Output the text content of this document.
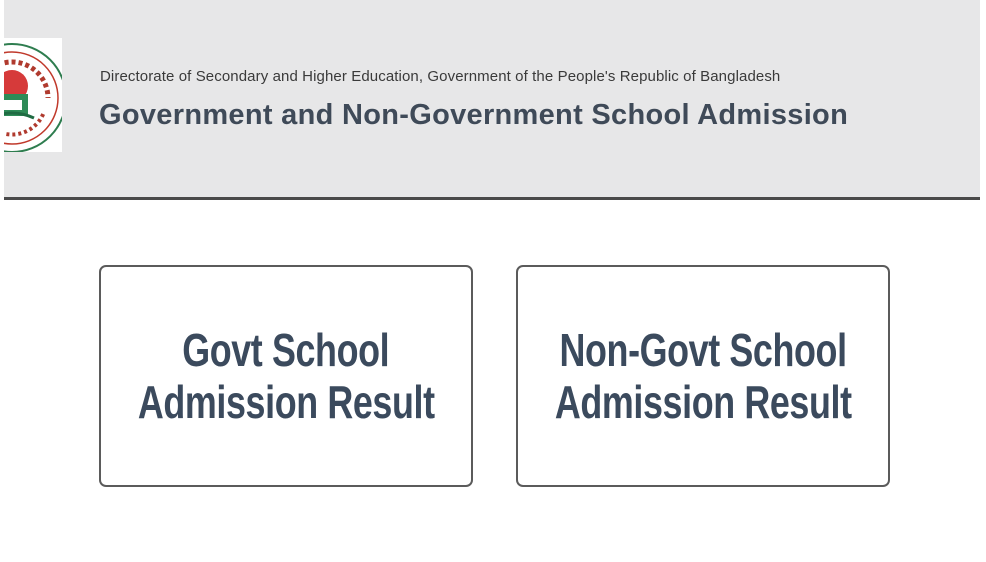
Directorate of Secondary and Higher Education, Government of the People's Republic of Bangladesh
Government and Non-Government School Admission
Govt School
Admission Result
Non-Govt School
Admission Result
